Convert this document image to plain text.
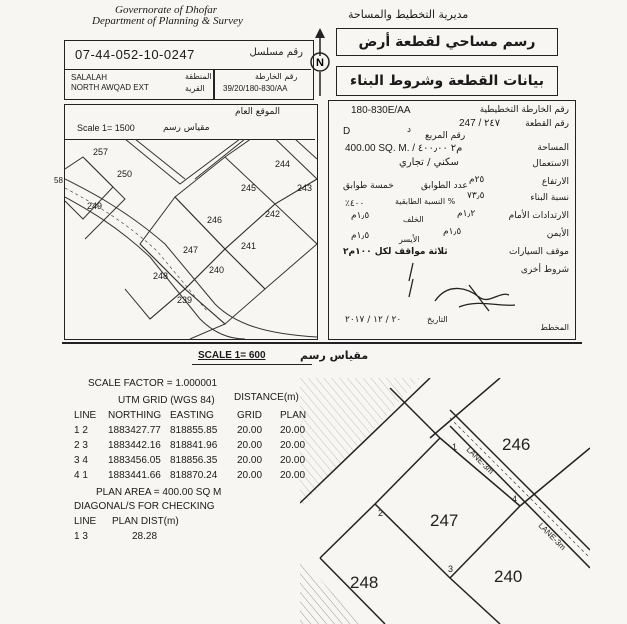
Governorate of Dhofar
Department of Planning & Survey	مديرية التخطيط والمساحة
N
رسم مساحي لقطعة أرض
07-44-052-10-0247	رقم مسلسل
SALALAH
NORTH AWQAD EXT
المنطقة
القرية
رقم الخارطة
39/20/180-830/AA	بيانات القطعة وشروط البناء
الموقع العام
Scale 1= 1500	مقياس رسم
257
250
249
244
245	243
246
242
247	241
248
240
239
58
رقم الخارطة التخطيطية
180-830E/AA
رقم القطعة
247 / ٢٤٧
D	د
رقم المربع
المساحة
400.00 SQ. M. / م٢ ٤٠٠٫٠٠
الاستعمال
سكني / تجاري
الارتفاع
٢٥م
عدد الطوابق
خمسة طوابق
نسبة البناء
٧٣٫٥
% النسبة الطابقية
٤٠٠٪
الارتدادات الأمام
١٫٢م
الخلف
١٫٥م
الأيمن
١٫٥م
الأيسر
١٫٥م
موقف السيارات
ثلاثة مواقف لكل ١٠٠م٢
شروط أخرى
التاريخ
٢٠ / ١٢ / ٢٠١٧
المخطط
SCALE 1= 600	مقياس رسم
SCALE FACTOR = 1.000001
UTM GRID (WGS 84) DISTANCE(m)
LINE NORTHING EASTING GRID PLAN
1 2 1883427.77 818855.85 20.00 20.00
2 3 1883442.16 818841.96 20.00 20.00
3 4 1883456.05 818856.35 20.00 20.00
4 1 1883441.66 818870.24 20.00 20.00
PLAN AREA = 400.00 SQ M
DIAGONAL/S FOR CHECKING
LINE PLAN DIST(m)
1 3	28.28
1
2
3
4
246
247
248	240
LANE-3m
LANE-3m
